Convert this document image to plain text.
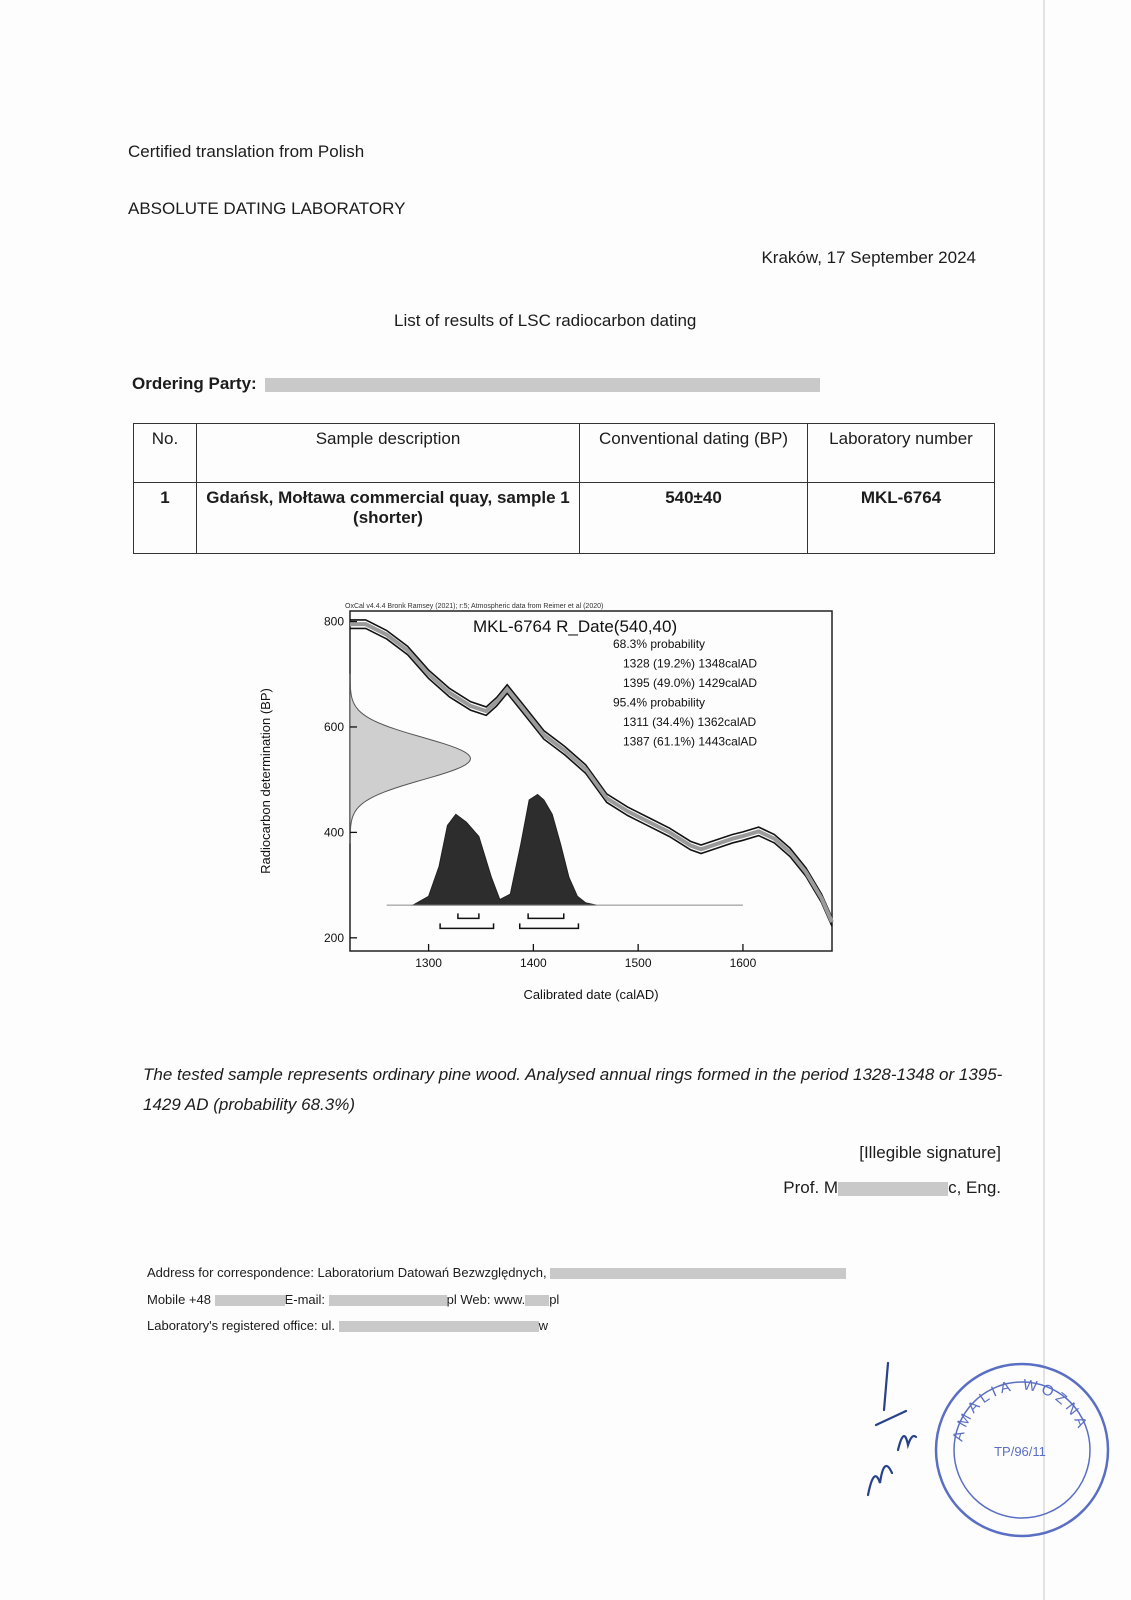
Certified translation from Polish
ABSOLUTE DATING LABORATORY
Kraków, 17 September 2024
List of results of LSC radiocarbon dating
Ordering Party:
No.	Sample description	Conventional dating (BP)	Laboratory number
1	Gdańsk, Mołtawa commercial quay, sample 1 (shorter)	540±40	MKL-6764
OxCal v4.4.4 Bronk Ramsey (2021); r:5; Atmospheric data from Reimer et al (2020)
MKL-6764 R_Date(540,40)
68.3% probability
1328 (19.2%) 1348calAD
1395 (49.0%) 1429calAD
95.4% probability
1311 (34.4%) 1362calAD
1387 (61.1%) 1443calAD
1300	1400	1500	1600
800
600
400
200
Calibrated date (calAD)
Radiocarbon determination (BP)
The tested sample represents ordinary pine wood. Analysed annual rings formed in the period 1328-1348 or 1395-1429 AD (probability 68.3%)
[Illegible signature]
Prof. M	c, Eng.
Address for correspondence: Laboratorium Datowań Bezwzględnych,
Mobile +48	E-mail:	pl Web: www. pl
Laboratory's registered office: ul.	w
AMALIA WOZNA
TP/96/11
